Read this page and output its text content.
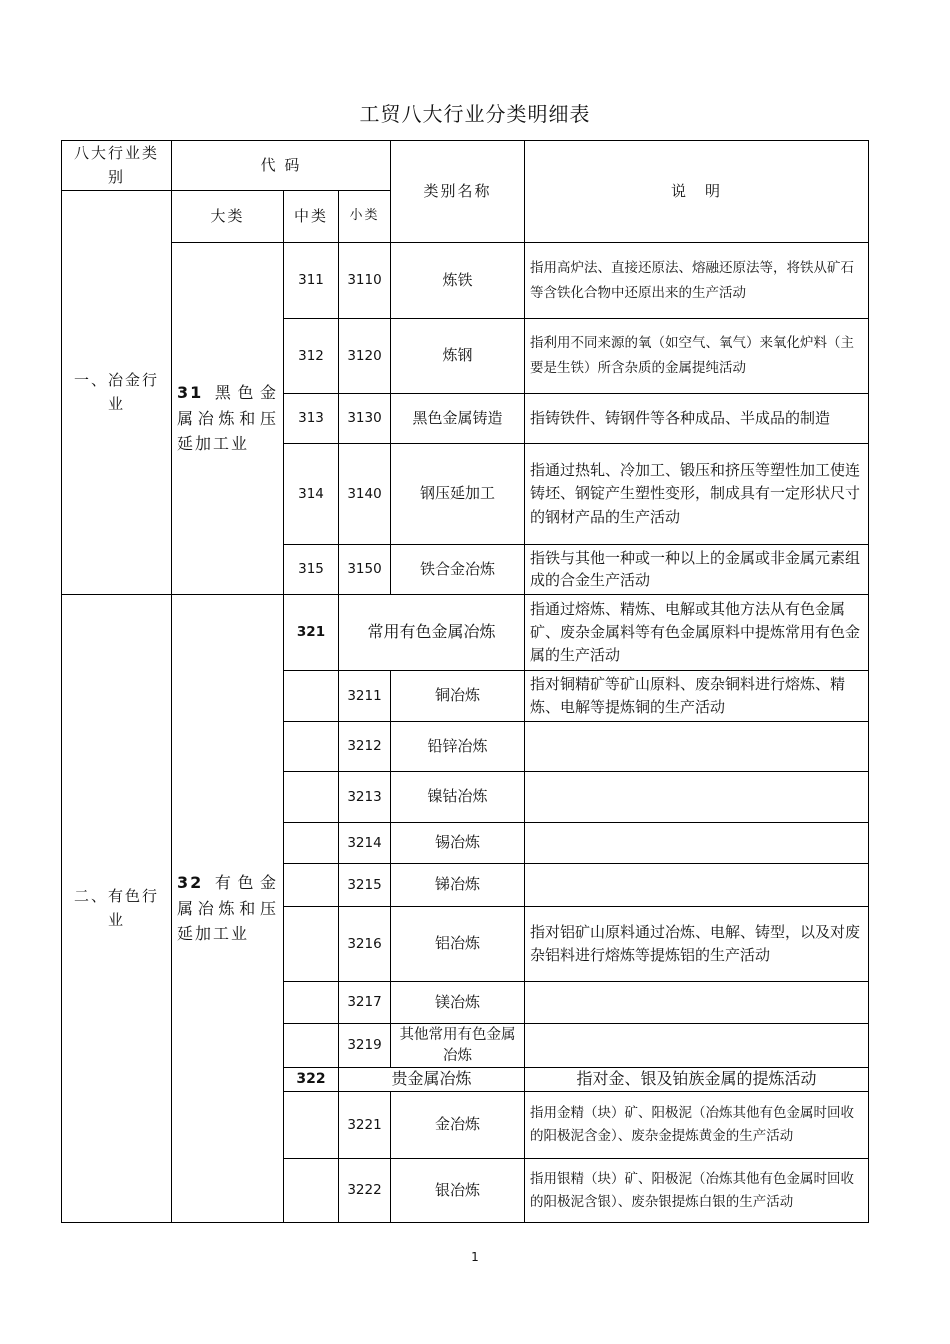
工贸八大行业分类明细表
八大行业类别	代 码			类别名称	说　明
一、冶金行业	大类	中类	小类		
	31 黑色金属冶炼和压延加工业	311	3110	炼铁	指用高炉法、直接还原法、熔融还原法等，将铁从矿石等含铁化合物中还原出来的生产活动
		312	3120	炼钢	指利用不同来源的氧（如空气、氧气）来氧化炉料（主要是生铁）所含杂质的金属提纯活动
		313	3130	黑色金属铸造	指铸铁件、铸钢件等各种成品、半成品的制造
		314	3140	钢压延加工	指通过热轧、冷加工、锻压和挤压等塑性加工使连铸坯、钢锭产生塑性变形，制成具有一定形状尺寸的钢材产品的生产活动
		315	3150	铁合金冶炼	指铁与其他一种或一种以上的金属或非金属元素组成的合金生产活动
二、有色行业	32 有色金属冶炼和压延加工业	321	常用有色金属冶炼		指通过熔炼、精炼、电解或其他方法从有色金属矿、废杂金属料等有色金属原料中提炼常用有色金属的生产活动
			3211	铜冶炼	指对铜精矿等矿山原料、废杂铜料进行熔炼、精炼、电解等提炼铜的生产活动
			3212	铅锌冶炼	
			3213	镍钴冶炼	
			3214	锡冶炼	
			3215	锑冶炼	
			3216	铝冶炼	指对铝矿山原料通过冶炼、电解、铸型，以及对废杂铝料进行熔炼等提炼铝的生产活动
			3217	镁冶炼	
			3219	其他常用有色金属冶炼	
		322	贵金属冶炼		指对金、银及铂族金属的提炼活动
			3221	金冶炼	指用金精（块）矿、阳极泥（冶炼其他有色金属时回收的阳极泥含金）、废杂金提炼黄金的生产活动
			3222	银冶炼	指用银精（块）矿、阳极泥（冶炼其他有色金属时回收的阳极泥含银）、废杂银提炼白银的生产活动
1
